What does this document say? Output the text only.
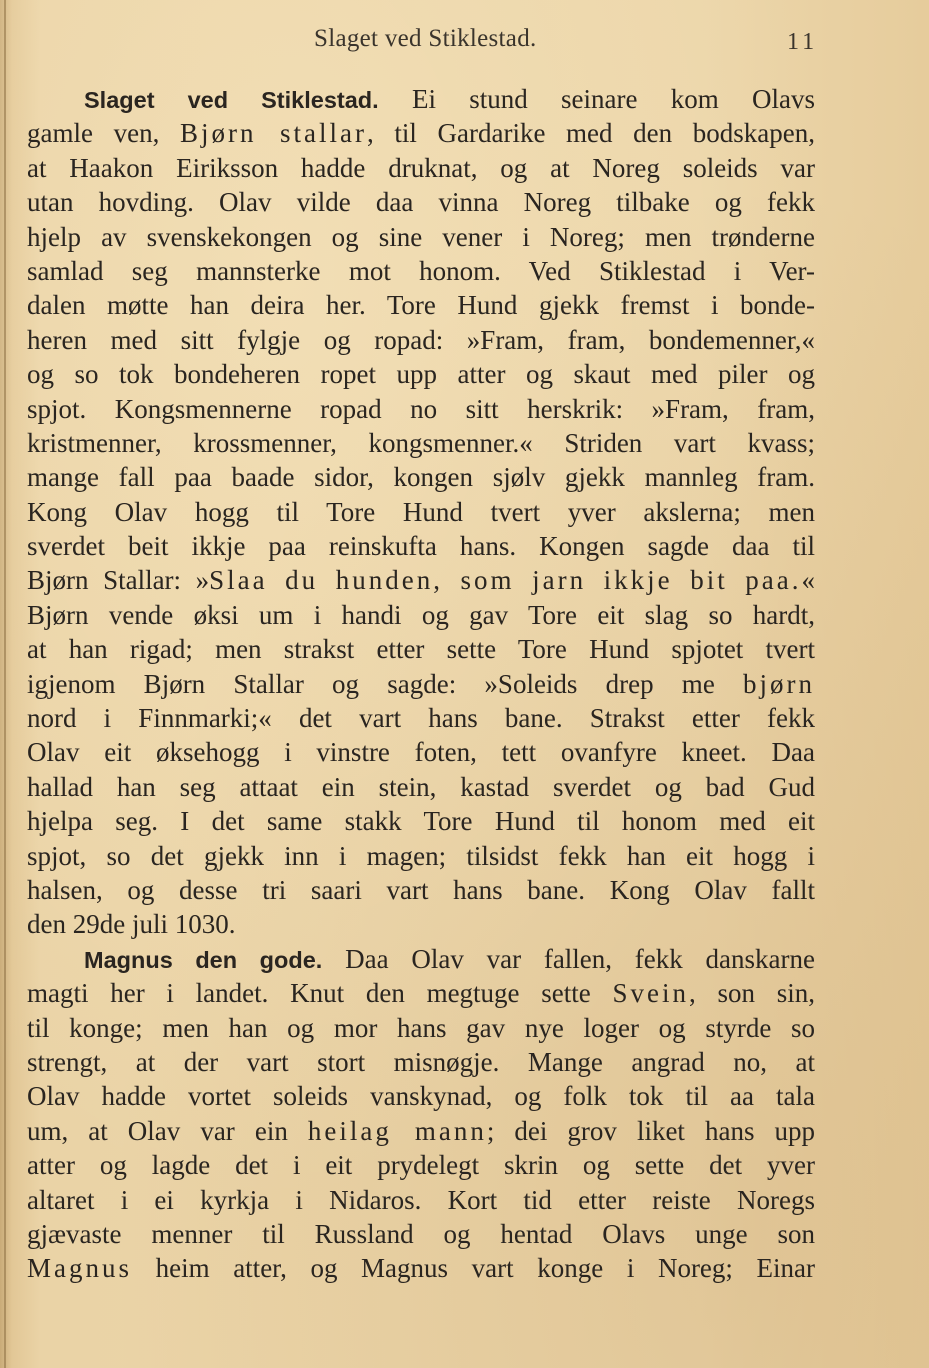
Slaget ved Stiklestad.	11
Slaget ved Stiklestad. Ei stund seinare kom Olavs
gamle ven, Bjørn stallar, til Gardarike med den bodskapen,
at Haakon Eiriksson hadde druknat, og at Noreg soleids var
utan hovding. Olav vilde daa vinna Noreg tilbake og fekk
hjelp av svenskekongen og sine vener i Noreg; men trønderne
samlad seg mannsterke mot honom. Ved Stiklestad i Ver-
dalen møtte han deira her. Tore Hund gjekk fremst i bonde-
heren med sitt fylgje og ropad: »Fram, fram, bondemenner,«
og so tok bondeheren ropet upp atter og skaut med piler og
spjot. Kongsmennerne ropad no sitt herskrik: »Fram, fram,
kristmenner, krossmenner, kongsmenner.« Striden vart kvass;
mange fall paa baade sidor, kongen sjølv gjekk mannleg fram.
Kong Olav hogg til Tore Hund tvert yver akslerna; men
sverdet beit ikkje paa reinskufta hans. Kongen sagde daa til
Bjørn Stallar: »Slaa du hunden, som jarn ikkje bit paa.«
Bjørn vende øksi um i handi og gav Tore eit slag so hardt,
at han rigad; men strakst etter sette Tore Hund spjotet tvert
igjenom Bjørn Stallar og sagde: »Soleids drep me bjørn
nord i Finnmarki;« det vart hans bane. Strakst etter fekk
Olav eit øksehogg i vinstre foten, tett ovanfyre kneet. Daa
hallad han seg attaat ein stein, kastad sverdet og bad Gud
hjelpa seg. I det same stakk Tore Hund til honom med eit
spjot, so det gjekk inn i magen; tilsidst fekk han eit hogg i
halsen, og desse tri saari vart hans bane. Kong Olav fallt
den 29de juli 1030.
Magnus den gode. Daa Olav var fallen, fekk danskarne
magti her i landet. Knut den megtuge sette Svein, son sin,
til konge; men han og mor hans gav nye loger og styrde so
strengt, at der vart stort misnøgje. Mange angrad no, at
Olav hadde vortet soleids vanskynad, og folk tok til aa tala
um, at Olav var ein heilag mann; dei grov liket hans upp
atter og lagde det i eit prydelegt skrin og sette det yver
altaret i ei kyrkja i Nidaros. Kort tid etter reiste Noregs
gjævaste menner til Russland og hentad Olavs unge son
Magnus heim atter, og Magnus vart konge i Noreg; Einar
